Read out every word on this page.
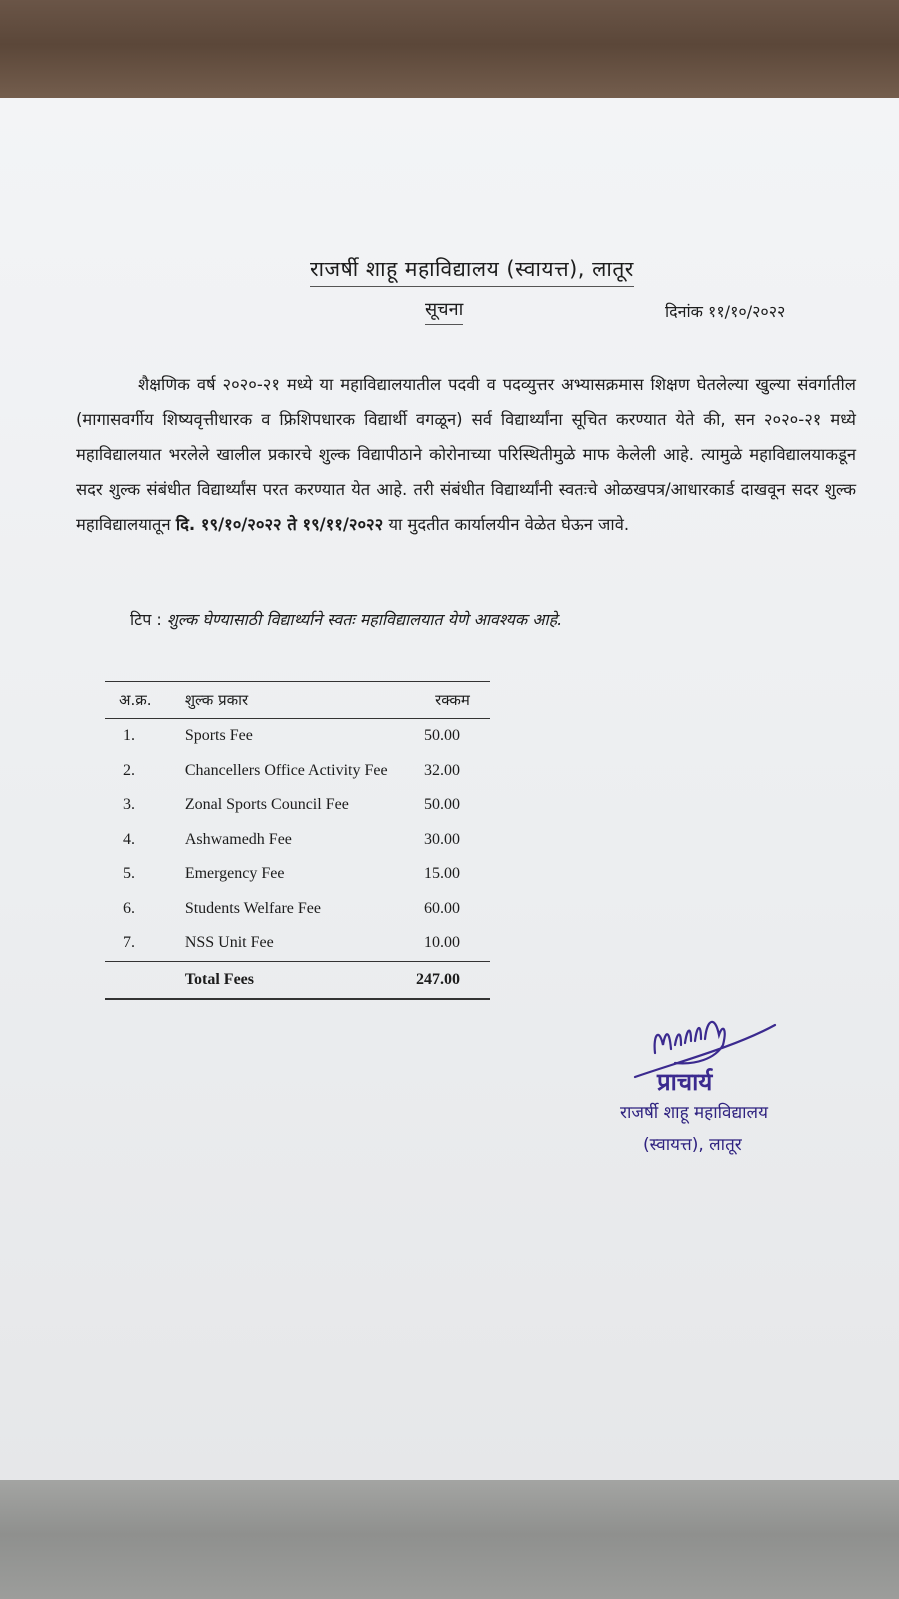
राजर्षी शाहू महाविद्यालय (स्वायत्त), लातूर
सूचना	दिनांक ११/१०/२०२२

शैक्षणिक वर्ष २०२०-२१ मध्ये या महाविद्यालयातील पदवी व पदव्युत्तर अभ्यासक्रमास शिक्षण घेतलेल्या खुल्या संवर्गातील (मागासवर्गीय शिष्यवृत्तीधारक व फ्रिशिपधारक विद्यार्थी वगळून) सर्व विद्यार्थ्यांना सूचित करण्यात येते की, सन २०२०-२१ मध्ये महाविद्यालयात भरलेले खालील प्रकारचे शुल्क विद्यापीठाने कोरोनाच्या परिस्थितीमुळे माफ केलेली आहे. त्यामुळे महाविद्यालयाकडून सदर शुल्क संबंधीत विद्यार्थ्यांस परत करण्यात येत आहे. तरी संबंधीत विद्यार्थ्यांनी स्वतःचे ओळखपत्र/आधारकार्ड दाखवून सदर शुल्क महाविद्यालयातून दि. १९/१०/२०२२ ते १९/११/२०२२ या मुदतीत कार्यालयीन वेळेत घेऊन जावे.

टिप : शुल्क घेण्यासाठी विद्यार्थ्याने स्वतः महाविद्यालयात येणे आवश्यक आहे.
अ.क्र.	शुल्क प्रकार	रक्कम
1.	Sports Fee	50.00
2.	Chancellers Office Activity Fee	32.00
3.	Zonal Sports Council Fee	50.00
4.	Ashwamedh Fee	30.00
5.	Emergency Fee	15.00
6.	Students Welfare Fee	60.00
7.	NSS Unit Fee	10.00
	Total Fees	247.00
प्राचार्य
राजर्षी शाहू महाविद्यालय
(स्वायत्त), लातूर
